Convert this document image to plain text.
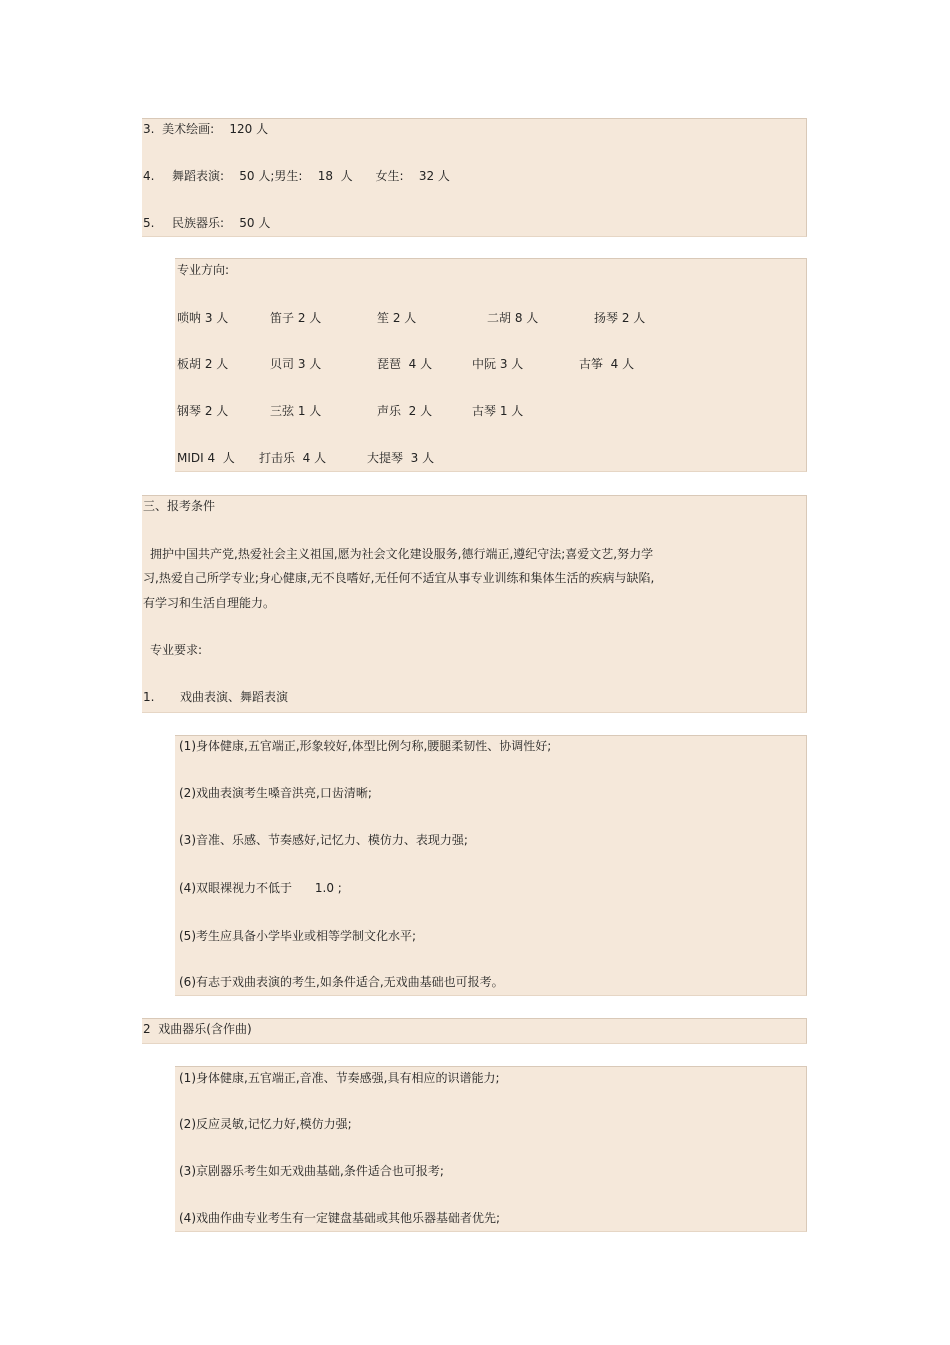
3.  美术绘画:    120 人
4. 舞蹈表演:    50 人;男生:    18  人      女生:    32 人
5. 民族器乐:    50 人
专业方向:
唢呐 3 人	笛子 2 人	笙 2 人	二胡 8 人	扬琴 2 人
板胡 2 人	贝司 3 人	琵琶  4 人	中阮 3 人	古筝  4 人
钢琴 2 人	三弦 1 人	声乐  2 人	古琴 1 人
MIDI 4  人 打击乐  4 人	大提琴  3 人
三、报考条件
拥护中国共产党,热爱社会主义祖国,愿为社会文化建设服务,德行端正,遵纪守法;喜爱文艺,努力学
习,热爱自己所学专业;身心健康,无不良嗜好,无任何不适宜从事专业训练和集体生活的疾病与缺陷,
有学习和生活自理能力。
专业要求:
1. 戏曲表演、舞蹈表演
(1)身体健康,五官端正,形象较好,体型比例匀称,腰腿柔韧性、协调性好;
(2)戏曲表演考生嗓音洪亮,口齿清晰;
(3)音准、乐感、节奏感好,记忆力、模仿力、表现力强;
(4)双眼裸视力不低于      1.0 ;
(5)考生应具备小学毕业或相等学制文化水平;
(6)有志于戏曲表演的考生,如条件适合,无戏曲基础也可报考。
2  戏曲器乐(含作曲)
(1)身体健康,五官端正,音准、节奏感强,具有相应的识谱能力;
(2)反应灵敏,记忆力好,模仿力强;
(3)京剧器乐考生如无戏曲基础,条件适合也可报考;
(4)戏曲作曲专业考生有一定键盘基础或其他乐器基础者优先;
